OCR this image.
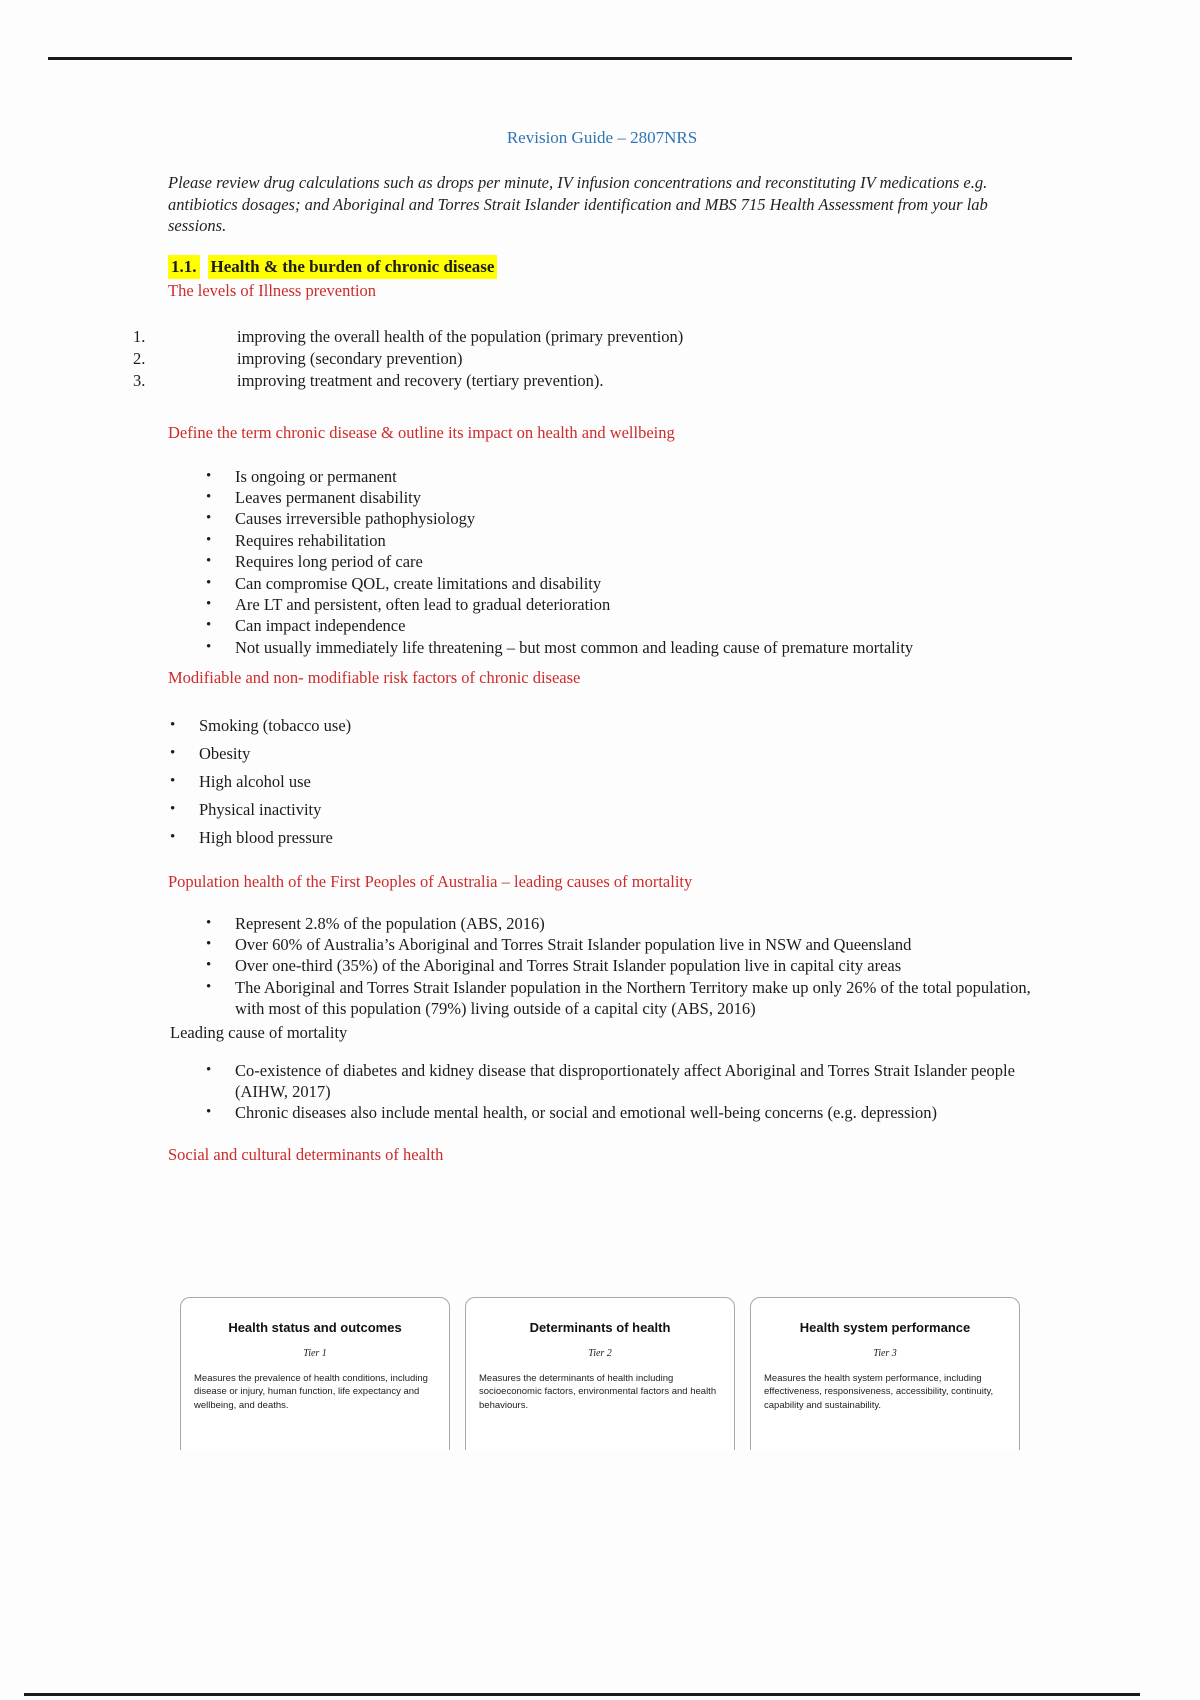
Revision Guide – 2807NRS

Please review drug calculations such as drops per minute, IV infusion concentrations and reconstituting IV medications e.g. antibiotics dosages; and Aboriginal and Torres Strait Islander identification and MBS 715 Health Assessment from your lab sessions.

1.1. Health & the burden of chronic disease

The levels of Illness prevention

1.	improving the overall health of the population (primary prevention)
2.	improving (secondary prevention)
3.	improving treatment and recovery (tertiary prevention).

Define the term chronic disease & outline its impact on health and wellbeing

• Is ongoing or permanent
• Leaves permanent disability
• Causes irreversible pathophysiology
• Requires rehabilitation
• Requires long period of care
• Can compromise QOL, create limitations and disability
• Are LT and persistent, often lead to gradual deterioration
• Can impact independence
• Not usually immediately life threatening – but most common and leading cause of premature mortality

Modifiable and non- modifiable risk factors of chronic disease

• Smoking (tobacco use)
• Obesity
• High alcohol use
• Physical inactivity
• High blood pressure

Population health of the First Peoples of Australia – leading causes of mortality

• Represent 2.8% of the population (ABS, 2016)
• Over 60% of Australia’s Aboriginal and Torres Strait Islander population live in NSW and Queensland
• Over one-third (35%) of the Aboriginal and Torres Strait Islander population live in capital city areas
• The Aboriginal and Torres Strait Islander population in the Northern Territory make up only 26% of the total population, with most of this population (79%) living outside of a capital city (ABS, 2016)

Leading cause of mortality

• Co-existence of diabetes and kidney disease that disproportionately affect Aboriginal and Torres Strait Islander people (AIHW, 2017)
• Chronic diseases also include mental health, or social and emotional well-being concerns (e.g. depression)

Social and cultural determinants of health

Health status and outcomes
Tier 1
Measures the prevalence of health conditions, including disease or injury, human function, life expectancy and wellbeing, and deaths.
Determinants of health
Tier 2
Measures the determinants of health including socioeconomic factors, environmental factors and health behaviours.
Health system performance
Tier 3
Measures the health system performance, including effectiveness, responsiveness, accessibility, continuity, capability and sustainability.
